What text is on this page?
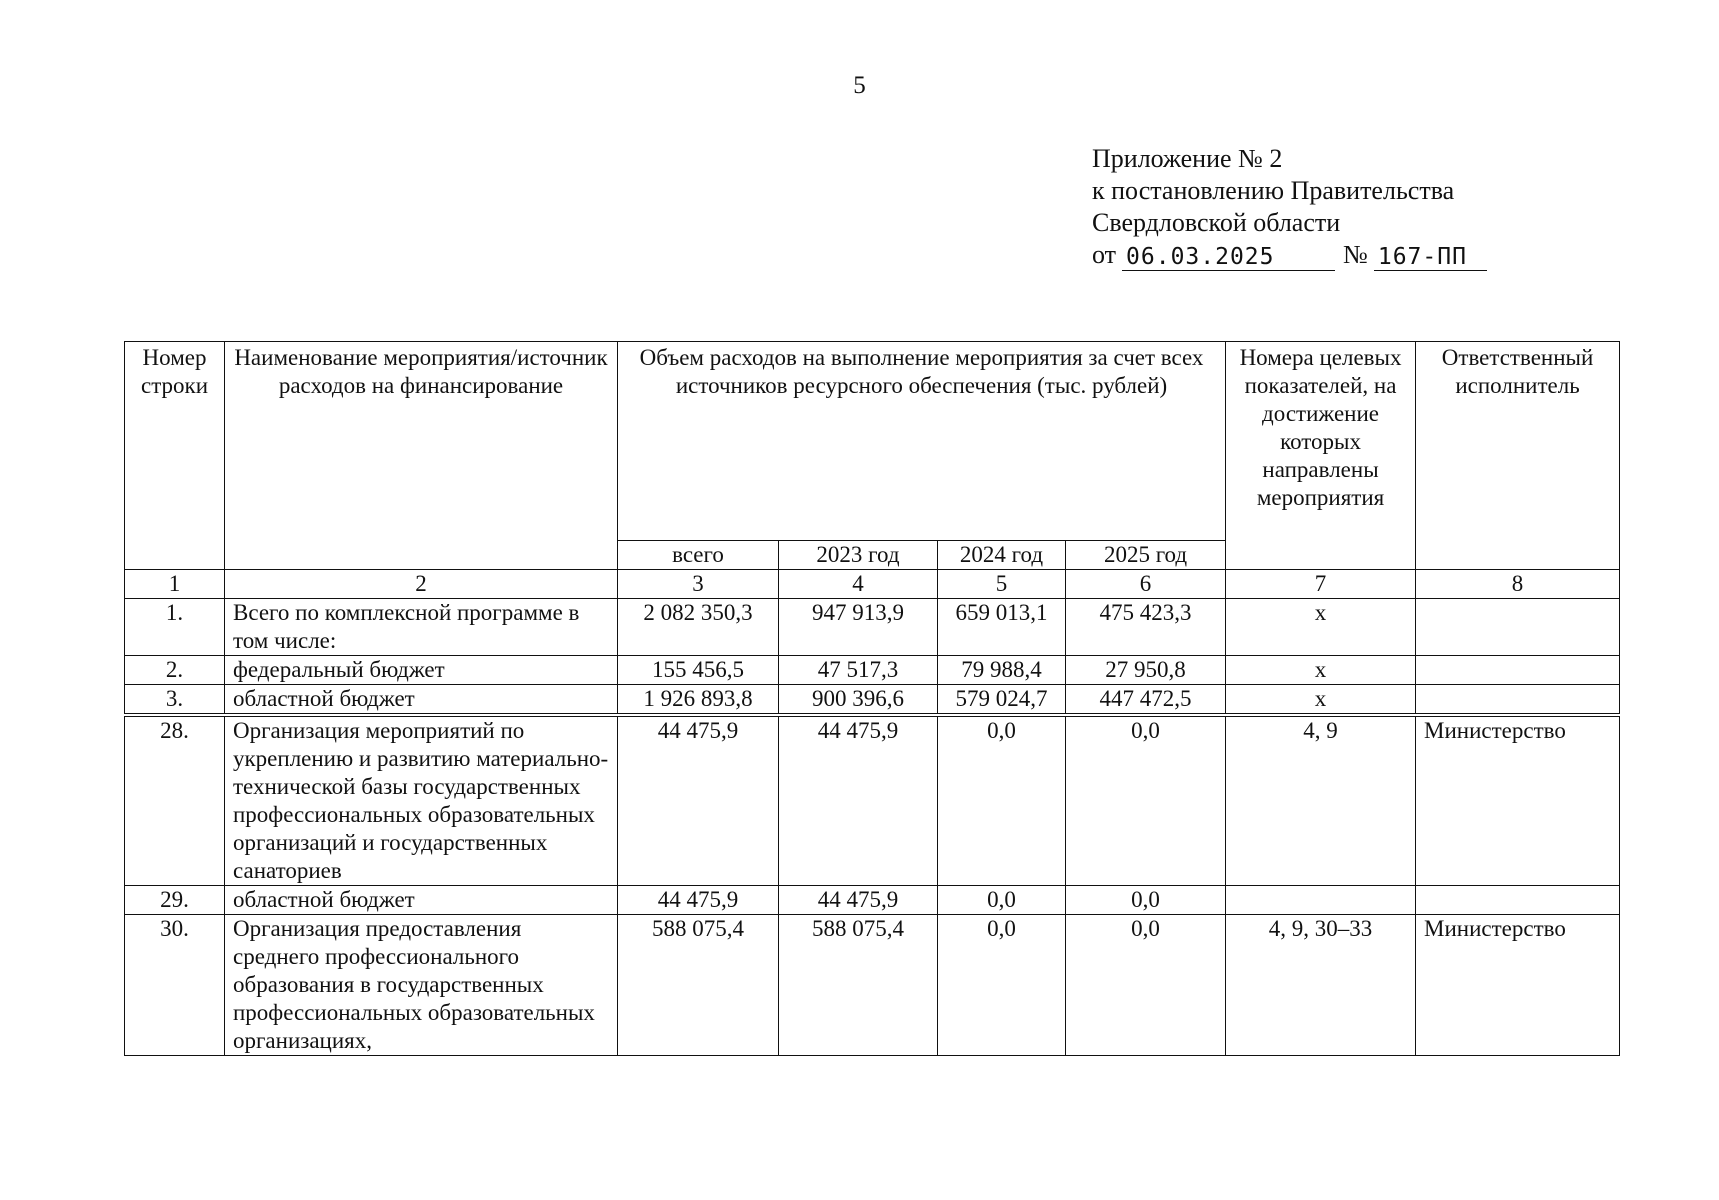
5
Приложение № 2
к постановлению Правительства
Свердловской области
от 06.03.2025	№ 167-ПП
Номер строки	Наименование мероприятия/источник расходов на финансирование	Объем расходов на выполнение мероприятия за счет всех источников ресурсного обеспечения (тыс. рублей)				Номера целевых показателей, на достижение которых направлены мероприятия	Ответственный исполнитель
		всего	2023 год	2024 год	2025 год		
1	2	3	4	5	6	7	8
1.	Всего по комплексной программе в том числе:	2 082 350,3	947 913,9	659 013,1	475 423,3	x	
2.	федеральный бюджет	155 456,5	47 517,3	79 988,4	27 950,8	x	
3.	областной бюджет	1 926 893,8	900 396,6	579 024,7	447 472,5	x	
28.	Организация мероприятий по укреплению и развитию материально-технической базы государственных профессиональных образовательных организаций и государственных санаториев	44 475,9	44 475,9	0,0	0,0	4, 9	Министерство
29.	областной бюджет	44 475,9	44 475,9	0,0	0,0		
30.	Организация предоставления среднего профессионального образования в государственных профессиональных образовательных организациях,	588 075,4	588 075,4	0,0	0,0	4, 9, 30–33	Министерство
